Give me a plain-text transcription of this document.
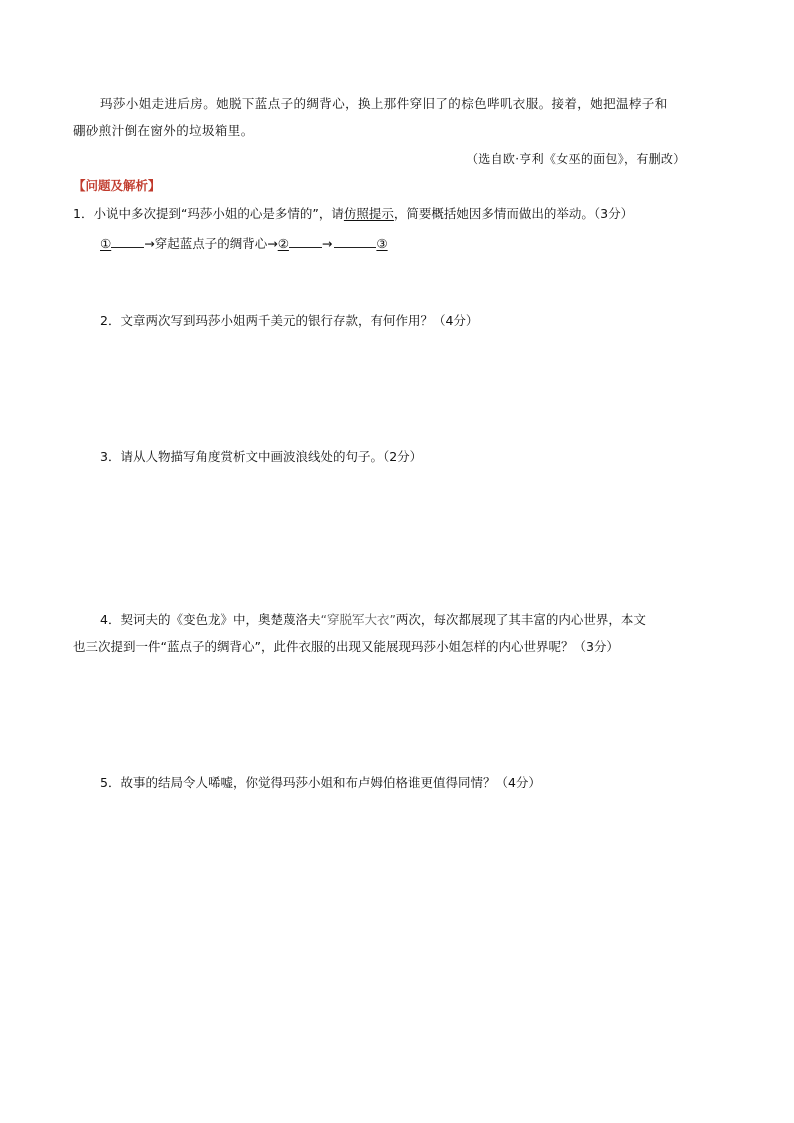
玛莎小姐走进后房。她脱下蓝点子的绸背心，换上那件穿旧了的棕色哔叽衣服。接着，她把温桲子和
硼砂煎汁倒在窗外的垃圾箱里。
（选自欧·亨利《女巫的面包》，有删改）
【问题及解析】
1．小说中多次提到“玛莎小姐的心是多情的”，请仿照提示，简要概括她因多情而做出的举动。（3分）
①	→穿起蓝点子的绸背心→②	→	③
2．文章两次写到玛莎小姐两千美元的银行存款，有何作用？（4分）
3．请从人物描写角度赏析文中画波浪线处的句子。（2分）
4．契诃夫的《变色龙》中，奥楚蔑洛夫“穿脱军大衣”两次，每次都展现了其丰富的内心世界，本文
也三次提到一件“蓝点子的绸背心”，此件衣服的出现又能展现玛莎小姐怎样的内心世界呢？（3分）
5．故事的结局令人唏嘘，你觉得玛莎小姐和布卢姆伯格谁更值得同情？（4分）
